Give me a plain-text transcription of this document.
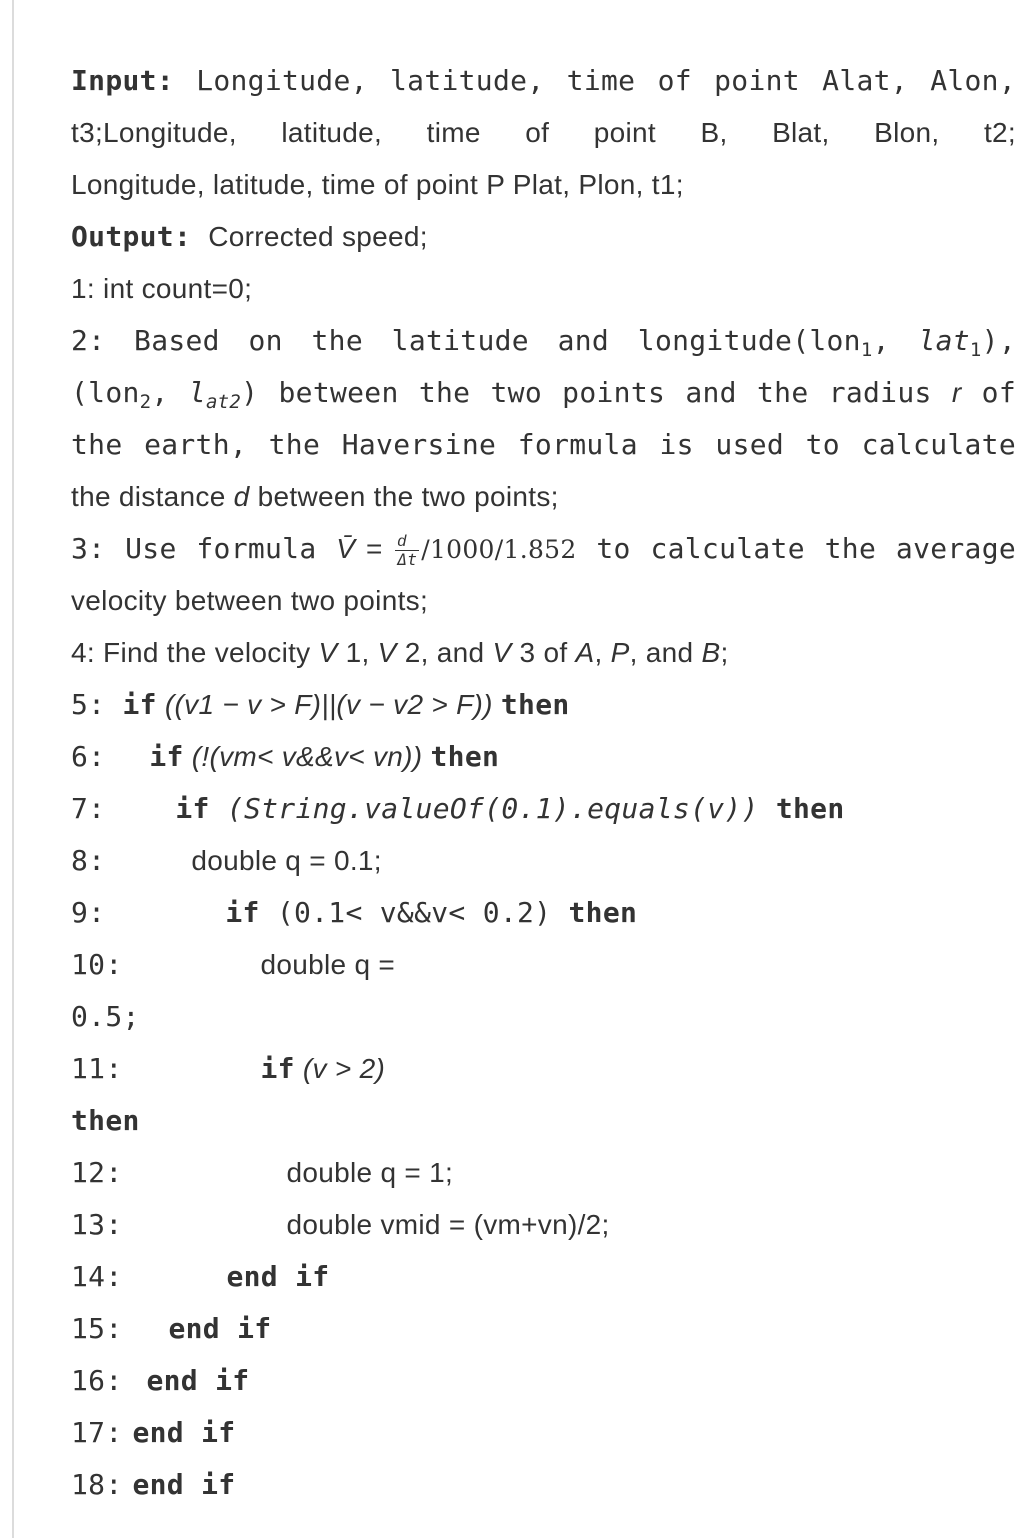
Input: Longitude, latitude, time of point Alat, Alon,
t3;Longitude, latitude, time of point B, Blat, Blon, t2;
Longitude, latitude, time of point P Plat, Plon, t1;
Output: Corrected speed;
1: int count=0;
2: Based on the latitude and longitude(lon$_1$, lat$_1$),
(lon$_2$, $l_{at2}$) between the two points and the radius r of
the earth, the Haversine formula is used to calculate
the distance d between the two points;
3: Use formula V̄ = $\frac{d}{\Delta t} /1000/1.852$ to calculate the average
velocity between two points;
4: Find the velocity V 1, V 2, and V 3 of A, P, and B;
5: if ((v1 − v > F)||(v − v2 > F)) then
6: if (!(vm< v&&v< vn)) then
7:	if (String.valueOf(0.1).equals(v)) then
8:	double q = 0.1;
9:	if (0.1< v&&v< 0.2) then
10:	double q =
0.5;
11:	if (v > 2)
then
12:	double q = 1;
13:	double vmid = (vm+vn)/2;
14:	end if
15: end if
16: end if
17: end if
18: end if
